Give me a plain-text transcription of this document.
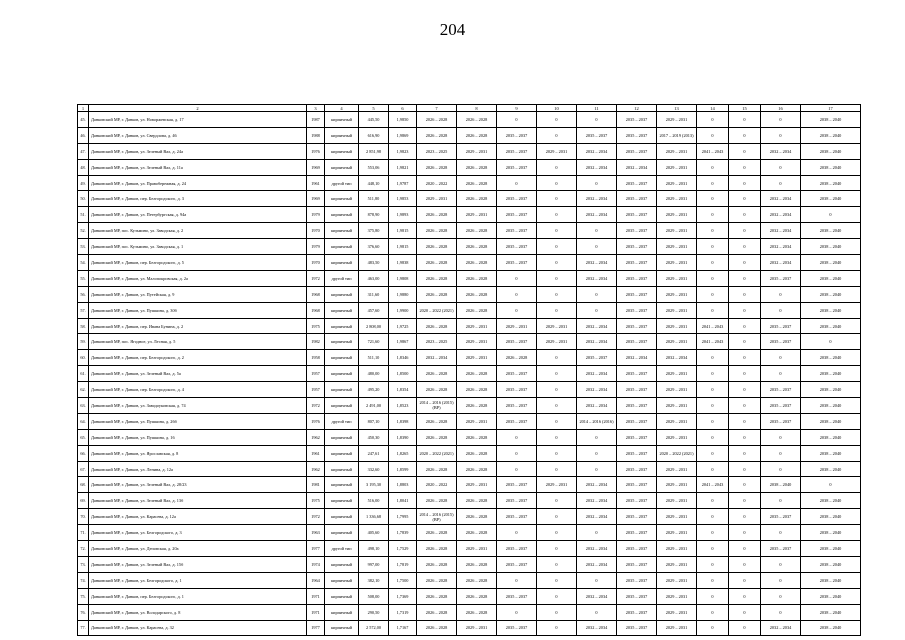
204
1	2	3	4	5	6	7	8	9	10	11	12	13	14	15	16	17
45.	Данковский МР, г. Данков, ул. Новоржевская, д. 17	1987	кирпичный	445,50	1,9850	2026 – 2028	2026 – 2028	0	0	0	2035 – 2037	2029 – 2031	0	0	0	2038 – 2040
46.	Данковский МР, г. Данков, ул. Свердлова, д. 46	1988	кирпичный	616,90	1,9869	2026 – 2028	2026 – 2028	2035 – 2037	0	2035 – 2037	2035 – 2037	2017 – 2019 (2013)	0	0	0	2038 – 2040
47.	Данковский МР, г. Данков, ул. Зеленый Вал, д. 24а	1976	кирпичный	2 851,98	1,9823	2023 – 2025	2029 – 2031	2035 – 2037	2029 – 2031	2032 – 2034	2035 – 2037	2029 – 2031	2041 – 2043	0	2032 – 2034	2038 – 2040
48.	Данковский МР, г. Данков, ул. Зеленый Вал, д. 11а	1969	кирпичный	553,06	1,9821	2026 – 2028	2026 – 2028	2035 – 2037	0	2032 – 2034	2032 – 2034	2029 – 2031	0	0	0	2038 – 2040
49.	Данковский МР, г. Данков, ул. Правобережная, д. 24	1961	другой тип	448,10	1,9787	2020 – 2022	2026 – 2028	0	0	0	2035 – 2037	2029 – 2031	0	0	0	2038 – 2040
50.	Данковский МР, г. Данков, пер. Белгородского, д. 3	1969	кирпичный	511,80	1,9853	2029 – 2031	2026 – 2028	2035 – 2037	0	2032 – 2034	2035 – 2037	2029 – 2031	0	0	2032 – 2034	2038 – 2040
51.	Данковский МР, г. Данков, ул. Петербургская, д. 94а	1979	кирпичный	878,90	1,9893	2026 – 2028	2029 – 2031	2035 – 2037	0	2032 – 2034	2035 – 2037	2029 – 2031	0	0	2032 – 2034	0
52.	Данковский МР, пос. Кузьмино, ул. Заводская, д. 2	1970	кирпичный	375,80	1,9815	2026 – 2028	2026 – 2028	2035 – 2037	0	0	2035 – 2037	2029 – 2031	0	0	2032 – 2034	2038 – 2040
53.	Данковский МР, пос. Кузьмино, ул. Заводская, д. 1	1979	кирпичный	376,60	1,9815	2026 – 2028	2026 – 2028	2035 – 2037	0	0	2035 – 2037	2029 – 2031	0	0	2032 – 2034	2038 – 2040
54.	Данковский МР, г. Данков, пер. Белгородского, д. 5	1970	кирпичный	483,50	1,9838	2026 – 2028	2026 – 2028	2035 – 2037	0	2032 – 2034	2035 – 2037	2029 – 2031	0	0	2032 – 2034	2038 – 2040
55.	Данковский МР, г. Данков, ул. Малопокровская, д. 2а	1972	другой тип	463,00	1,9808	2026 – 2028	2026 – 2028	0	0	2032 – 2034	2035 – 2037	2029 – 2031	0	0	2035 – 2037	2038 – 2040
56.	Данковский МР, г. Данков, ул. Путейская, д. 9	1968	кирпичный	311,60	1,9880	2026 – 2028	2026 – 2028	0	0	0	2035 – 2037	2029 – 2031	0	0	0	2038 – 2040
57.	Данковский МР, г. Данков, ул. Пушкина, д. 30б	1968	кирпичный	457,60	1,9900	2020 – 2022 (2021)	2026 – 2028	0	0	0	2035 – 2037	2029 – 2031	0	0	0	2038 – 2040
58.	Данковский МР, г. Данков, пер. Ивана Бунина, д. 2	1975	кирпичный	2 808,00	1,9725	2026 – 2028	2029 – 2031	2029 – 2031	2029 – 2031	2032 – 2034	2035 – 2037	2029 – 2031	2041 – 2043	0	2035 – 2037	2038 – 2040
59.	Данковский МР, пос. Ягодное, ул. Лесная, д. 5	1982	кирпичный	721,60	1,9867	2023 – 2025	2029 – 2031	2035 – 2037	2029 – 2031	2032 – 2034	2035 – 2037	2029 – 2031	2041 – 2043	0	2035 – 2037	0
60.	Данковский МР, г. Данков, пер. Белгородского, д. 2	1958	кирпичный	511,10	1,8346	2032 – 2034	2029 – 2031	2026 – 2028	0	2035 – 2037	2032 – 2034	2032 – 2034	0	0	0	2038 – 2040
61.	Данковский МР, г. Данков, ул. Зеленый Вал, д. 5а	1957	кирпичный	480,00	1,8500	2026 – 2028	2026 – 2028	2035 – 2037	0	2032 – 2034	2035 – 2037	2029 – 2031	0	0	0	2038 – 2040
62.	Данковский МР, г. Данков, пер. Белгородского, д. 4	1957	кирпичный	495,20	1,8354	2026 – 2028	2026 – 2028	2035 – 2037	0	2032 – 2034	2035 – 2037	2029 – 2031	0	0	2035 – 2037	2038 – 2040
63.	Данковский МР, г. Данков, ул. Заводоуковская, д. 74	1972	кирпичный	2 491,00	1,8523	2014 – 2016 (2015) (ВР)	2026 – 2028	2035 – 2037	0	2032 – 2034	2035 – 2037	2029 – 2031	0	0	2035 – 2037	2038 – 2040
64.	Данковский МР, г. Данков, ул. Пушкина, д. 26б	1976	другой тип	807,10	1,8398	2026 – 2028	2029 – 2031	2035 – 2037	0	2014 – 2016 (2016)	2035 – 2037	2029 – 2031	0	0	2035 – 2037	2038 – 2040
65.	Данковский МР, г. Данков, ул. Пушкина, д. 16	1962	кирпичный	450,30	1,8390	2026 – 2028	2026 – 2028	0	0	0	2035 – 2037	2029 – 2031	0	0	0	2038 – 2040
66.	Данковский МР, г. Данков, ул. Ярославская, д. 8	1961	кирпичный	247,61	1,8265	2020 – 2022 (2021)	2026 – 2028	0	0	0	2035 – 2037	2020 – 2022 (2021)	0	0	0	2038 – 2040
67.	Данковский МР, г. Данков, ул. Ленина, д. 12а	1962	кирпичный	332,60	1,8599	2026 – 2028	2026 – 2028	0	0	0	2035 – 2037	2029 – 2031	0	0	0	2038 – 2040
68.	Данковский МР, г. Данков, ул. Зеленый Вал, д. 28/23	1981	кирпичный	3 195,30	1,8803	2020 – 2022	2029 – 2031	2035 – 2037	2029 – 2031	2032 – 2034	2035 – 2037	2029 – 2031	2041 – 2043	0	2038 – 2040	0
69.	Данковский МР, г. Данков, ул. Зеленый Вал, д. 13б	1975	кирпичный	516,00	1,8041	2026 – 2028	2026 – 2028	2035 – 2037	0	2032 – 2034	2035 – 2037	2029 – 2031	0	0	0	2038 – 2040
70.	Данковский МР, г. Данков, ул. Карасева, д. 12а	1972	кирпичный	1 336,68	1,7995	2014 – 2016 (2015) (ВР)	2026 – 2028	2035 – 2037	0	2032 – 2034	2035 – 2037	2029 – 2031	0	0	2035 – 2037	2038 – 2040
71.	Данковский МР, г. Данков, ул. Белгородского, д. 3	1963	кирпичный	405,60	1,7839	2026 – 2028	2026 – 2028	0	0	0	2035 – 2037	2029 – 2031	0	0	0	2038 – 2040
72.	Данковский МР, г. Данков, ул. Деповская, д. 20а	1977	другой тип	498,10	1,7529	2026 – 2028	2029 – 2031	2035 – 2037	0	2032 – 2034	2035 – 2037	2029 – 2031	0	0	2035 – 2037	2038 – 2040
73.	Данковский МР, г. Данков, ул. Зеленый Вал, д. 15б	1974	кирпичный	997,00	1,7819	2026 – 2028	2026 – 2028	2035 – 2037	0	2032 – 2034	2035 – 2037	2029 – 2031	0	0	0	2038 – 2040
74.	Данковский МР, г. Данков, ул. Белгородского, д. 1	1964	кирпичный	382,10	1,7500	2026 – 2028	2026 – 2028	0	0	0	2035 – 2037	2029 – 2031	0	0	0	2038 – 2040
75.	Данковский МР, г. Данков, пер. Белгородского, д. 1	1971	кирпичный	508,00	1,7369	2026 – 2028	2026 – 2028	2035 – 2037	0	2032 – 2034	2035 – 2037	2029 – 2031	0	0	0	2038 – 2040
76.	Данковский МР, г. Данков, ул. Володарского, д. 8	1971	кирпичный	290,50	1,7319	2026 – 2028	2026 – 2028	0	0	0	2035 – 2037	2029 – 2031	0	0	0	2038 – 2040
77.	Данковский МР, г. Данков, ул. Карасева, д. 32	1977	кирпичный	2 572,00	1,7167	2026 – 2028	2029 – 2031	2035 – 2037	0	2032 – 2034	2035 – 2037	2029 – 2031	0	0	2032 – 2034	2038 – 2040
